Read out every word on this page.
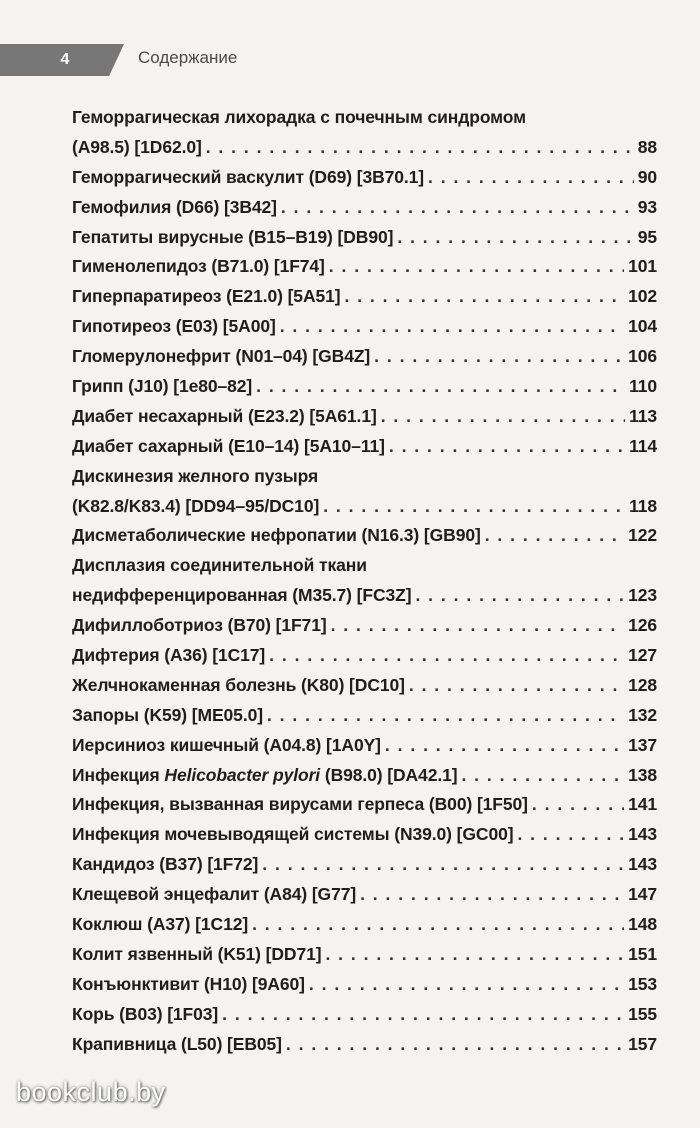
4	Содержание
Геморрагическая лихорадка с почечным синдромом
(A98.5) [1D62.0] . . .	88
Геморрагический васкулит (D69) [3B70.1] . . .	90
Гемофилия (D66) [3B42] . . .	93
Гепатиты вирусные (B15–B19) [DB90] . . .	95
Гименолепидоз (B71.0) [1F74] . . .	101
Гиперпаратиреоз (E21.0) [5A51] . . .	102
Гипотиреоз (E03) [5A00] . . .	104
Гломерулонефрит (N01–04) [GB4Z] . . .	106
Грипп (J10) [1e80–82] . . .	110
Диабет несахарный (E23.2) [5A61.1] . . .	113
Диабет сахарный (E10–14) [5A10–11] . . .	114
Дискинезия желного пузыря
(K82.8/K83.4) [DD94–95/DC10] . . .	118
Дисметаболические нефропатии (N16.3) [GB90] . . .	122
Дисплазия соединительной ткани
недифференцированная (M35.7) [FC3Z] . . .	123
Дифиллоботриоз (B70) [1F71] . . .	126
Дифтерия (A36) [1C17] . . .	127
Желчнокаменная болезнь (K80) [DC10] . . .	128
Запоры (K59) [ME05.0] . . .	132
Иерсиниоз кишечный (A04.8) [1A0Y] . . .	137
Инфекция Helicobacter pylori (B98.0) [DA42.1] . . .	138
Инфекция, вызванная вирусами герпеса (B00) [1F50] . . .	141
Инфекция мочевыводящей системы (N39.0) [GC00] . . .	143
Кандидоз (B37) [1F72] . . .	143
Клещевой энцефалит (A84) [G77] . . .	147
Коклюш (A37) [1C12] . . .	148
Колит язвенный (K51) [DD71] . . .	151
Конъюнктивит (H10) [9A60] . . .	153
Корь (B03) [1F03] . . .	155
Крапивница (L50) [EB05] . . .	157
bookclub.by
